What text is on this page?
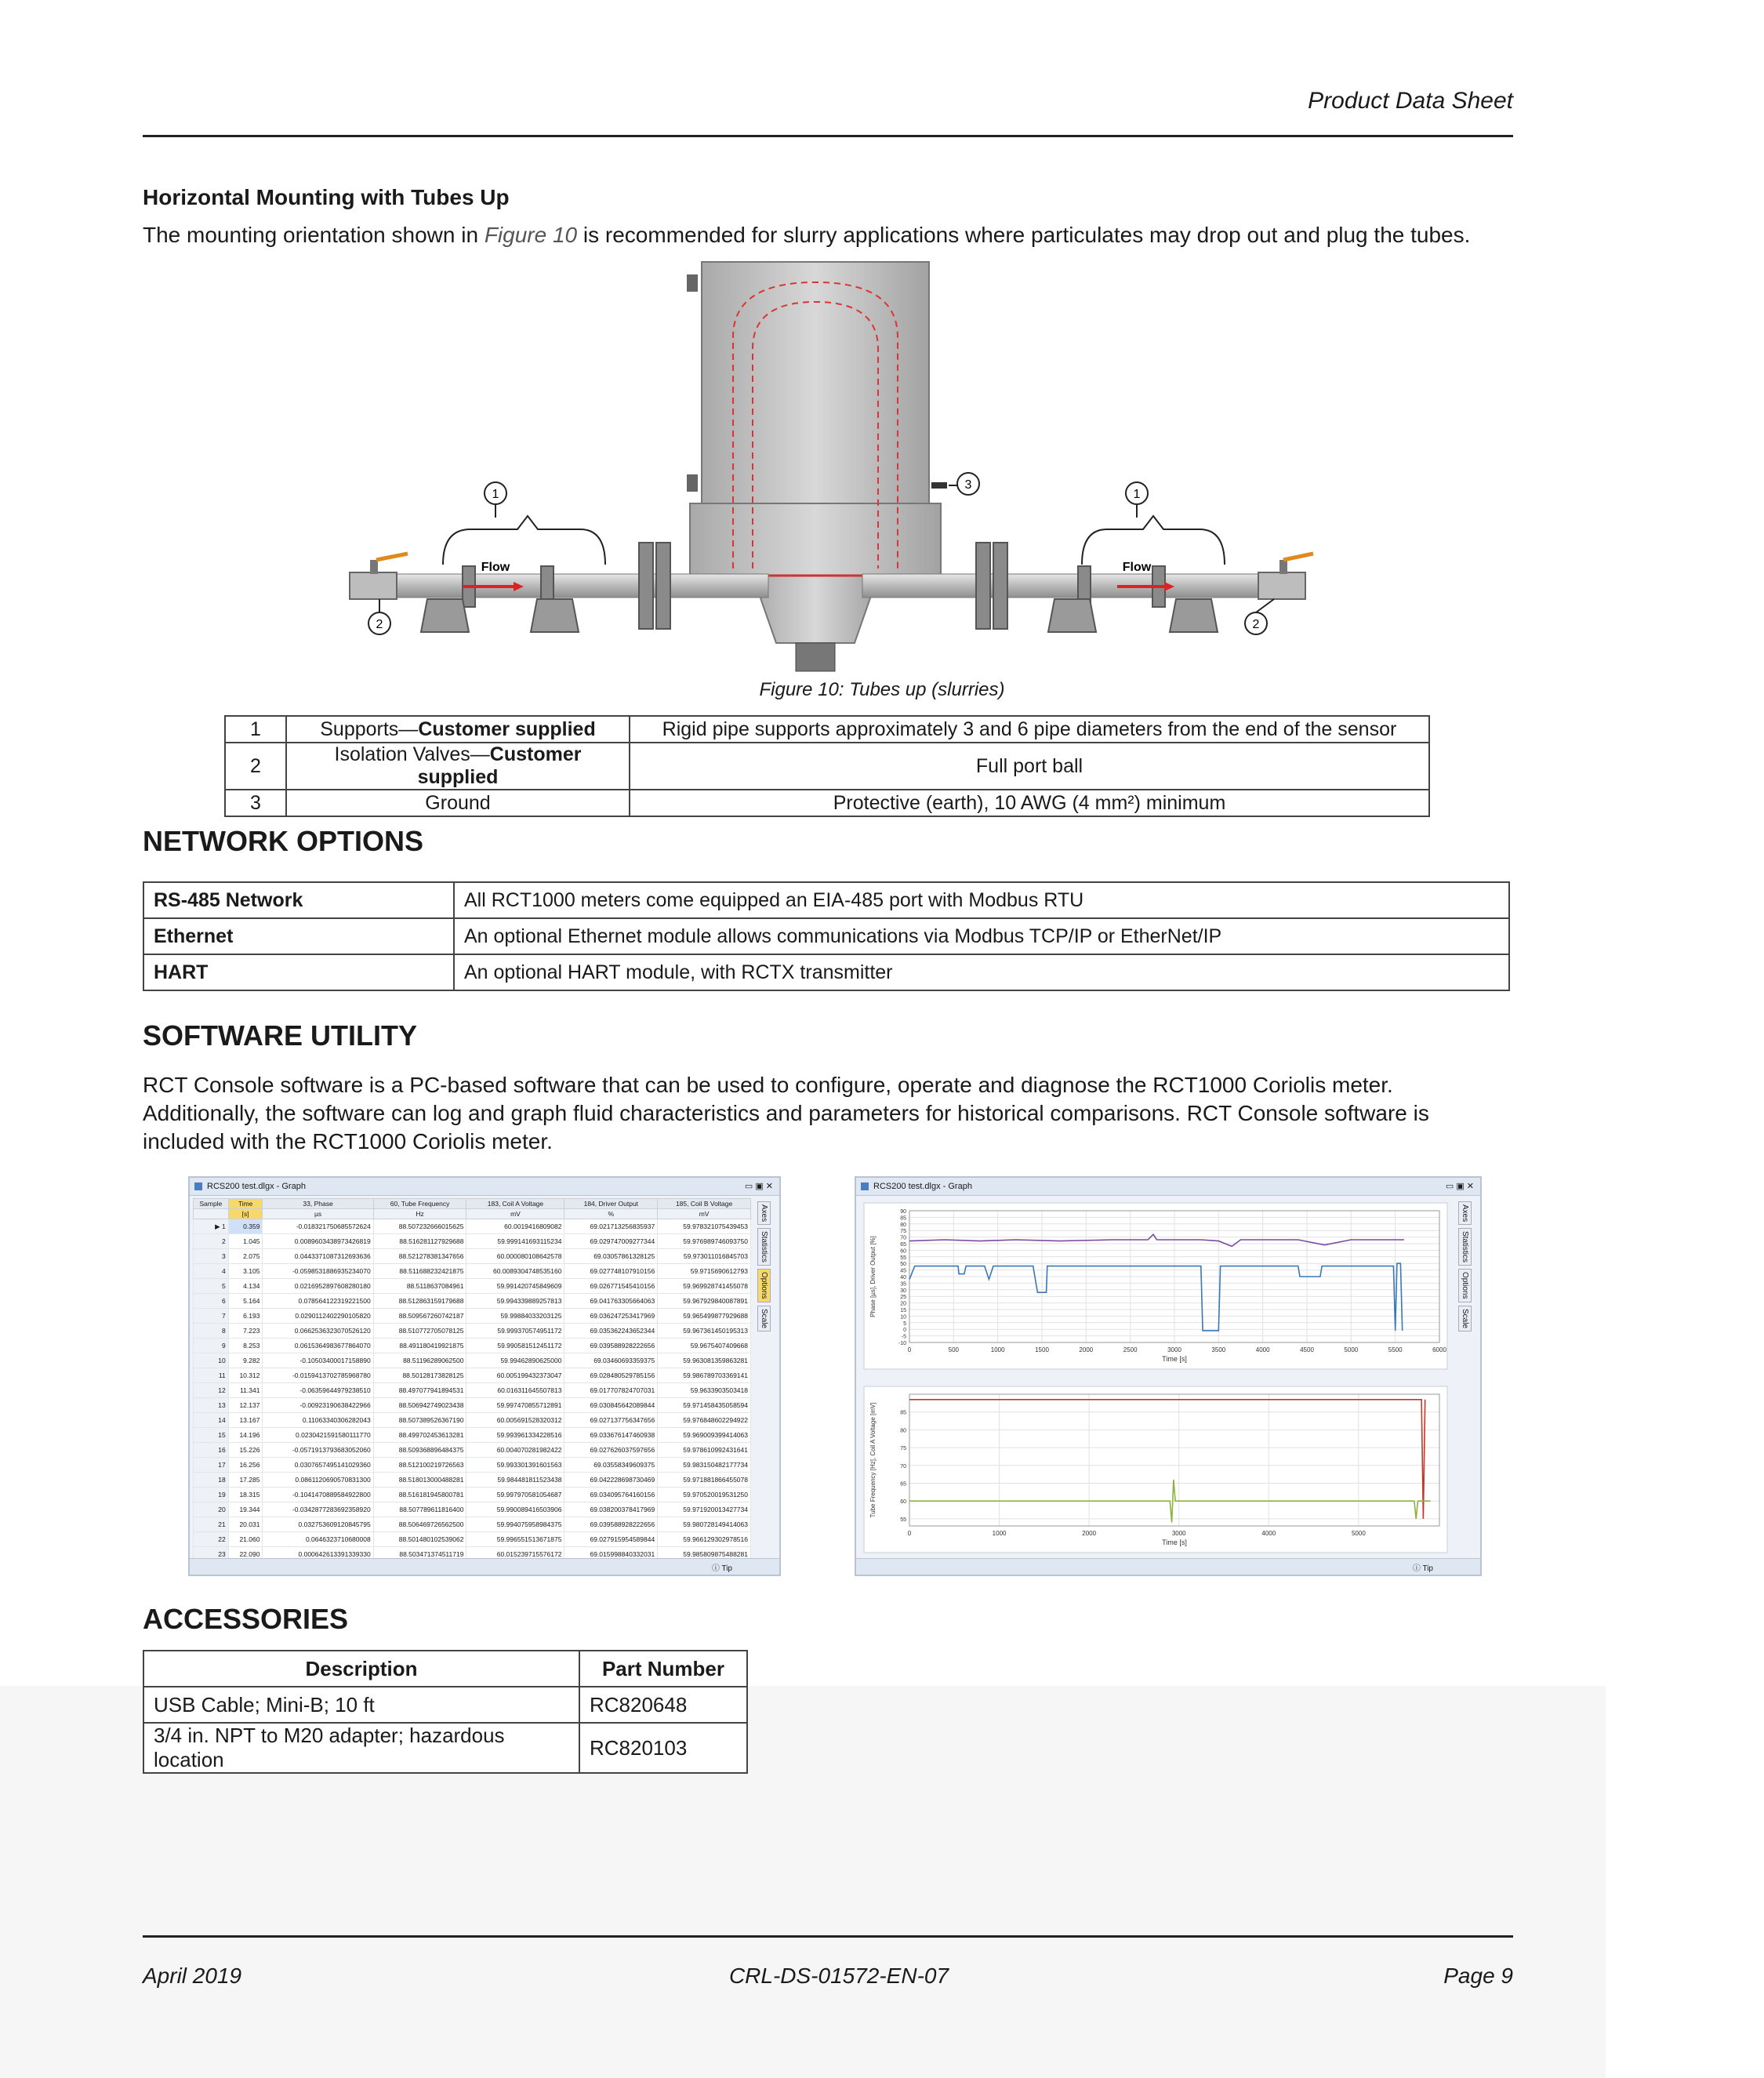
Product Data Sheet
Horizontal Mounting with Tubes Up
The mounting orientation shown in Figure 10 is recommended for slurry applications where particulates may drop out and plug the tubes.
Flow	Flow
1	1
2	2
3
Figure 10: Tubes up (slurries)
1	Supports—Customer supplied	Rigid pipe supports approximately 3 and 6 pipe diameters from the end of the sensor
2	Isolation Valves—Customer supplied	Full port ball
3	Ground	Protective (earth), 10 AWG (4 mm²) minimum
NETWORK OPTIONS
RS-485 Network	All RCT1000 meters come equipped an EIA-485 port with Modbus RTU
Ethernet	An optional Ethernet module allows communications via Modbus TCP/IP or EtherNet/IP
HART	An optional HART module, with RCTX transmitter
SOFTWARE UTILITY
RCT Console software is a PC-based software that can be used to configure, operate and diagnose the RCT1000 Coriolis meter. Additionally, the software can log and graph fluid characteristics and parameters for historical comparisons. RCT Console software is included with the RCT1000 Coriolis meter.
RCS200 test.dlgx - Graph	▭ ▣ ✕
Sample	Time	33, Phase	60, Tube Frequency	183, Coil A Voltage	184, Driver Output	185, Coil B Voltage
	[s]	µs	Hz	mV	%	mV
▶ 1	0.359	-0.018321750685572624	88.507232666015625	60.0019416809082	69.021713256835937	59.978321075439453
2	1.045	0.0089603438973426819	88.516281127929688	59.999141693115234	69.029747009277344	59.976989746093750
3	2.075	0.0443371087312693636	88.521278381347656	60.000080108642578	69.03057861328125	59.973011016845703
4	3.105	-0.0598531886935234070	88.511688232421875	60.0089304748535160	69.027748107910156	59.9715690612793
5	4.134	0.0216952897608280180	88.5118637084961	59.991420745849609	69.026771545410156	59.969928741455078
6	5.164	0.078564122319221500	88.512863159179688	59.994339889257813	69.041763305664063	59.967929840087891
7	6.193	0.0290112402290105820	88.509567260742187	59.99884033203125	69.036247253417969	59.965499877929688
8	7.223	0.0662536323070526120	88.510772705078125	59.999370574951172	69.035362243652344	59.967361450195313
9	8.253	0.0615364983677864070	88.491180419921875	59.990581512451172	69.039588928222656	59.9675407409668
10	9.282	-0.10503400017158890	88.51196289062500	59.99462890625000	69.03460693359375	59.963081359863281
11	10.312	-0.0159413702785968780	88.50128173828125	60.005199432373047	69.028480529785156	59.986789703369141
12	11.341	-0.06359644979238510	88.497077941894531	60.016311645507813	69.017707824707031	59.9633903503418
13	12.137	-0.00923190638422966	88.506942749023438	59.997470855712891	69.030845642089844	59.971458435058594
14	13.167	0.11063340306282043	88.507389526367190	60.005691528320312	69.027137756347656	59.976848602294922
15	14.196	0.0230421591580111770	88.499702453613281	59.993961334228516	69.033676147460938	59.969009399414063
16	15.226	-0.0571913793683052060	88.509368896484375	60.004070281982422	69.027626037597656	59.978610992431641
17	16.256	0.0307657495141029360	88.512100219726563	59.993301391601563	69.03558349609375	59.983150482177734
18	17.285	0.0861120690570831300	88.518013000488281	59.984481811523438	69.042228698730469	59.971881866455078
19	18.315	-0.1041470889584922800	88.516181945800781	59.997970581054687	69.034095764160156	59.970520019531250
20	19.344	-0.0342877283692358920	88.507789611816400	59.990089416503906	69.038200378417969	59.971920013427734
21	20.031	0.032753609120845795	88.506469726562500	59.994075958984375	69.039588928222656	59.980728149414063
22	21.060	0.0646323710680008	88.501480102539062	59.996551513671875	69.027915954589844	59.966129302978516
23	22.090	0.000642613391339330	88.503471374511719	60.015239715576172	69.015998840332031	59.985809875488281
Axes
Statistics
Options
Scale
ⓘ Tip
RCS200 test.dlgx - Graph	▭ ▣ ✕
0	500	1000	1500	2000	2500	3000	3500	4000	4500	5000	5500	6000
-10
-5
0
5
10
15
20
25
30
35
40
45
50
55
60
65
70
75
80
85
90
Time [s]
Phase [µs], Driver Output [%]
0	1000	2000	3000	4000	5000
55
60
65
70
75
80
85
Time [s]
Tube Frequency [Hz], Coil A Voltage [mV]
Axes
Statistics
Options
Scale
ⓘ Tip
ACCESSORIES
Description	Part Number
USB Cable; Mini-B; 10 ft	RC820648
3/4 in. NPT to M20 adapter; hazardous location	RC820103
April 2019	CRL-DS-01572-EN-07	Page 9
